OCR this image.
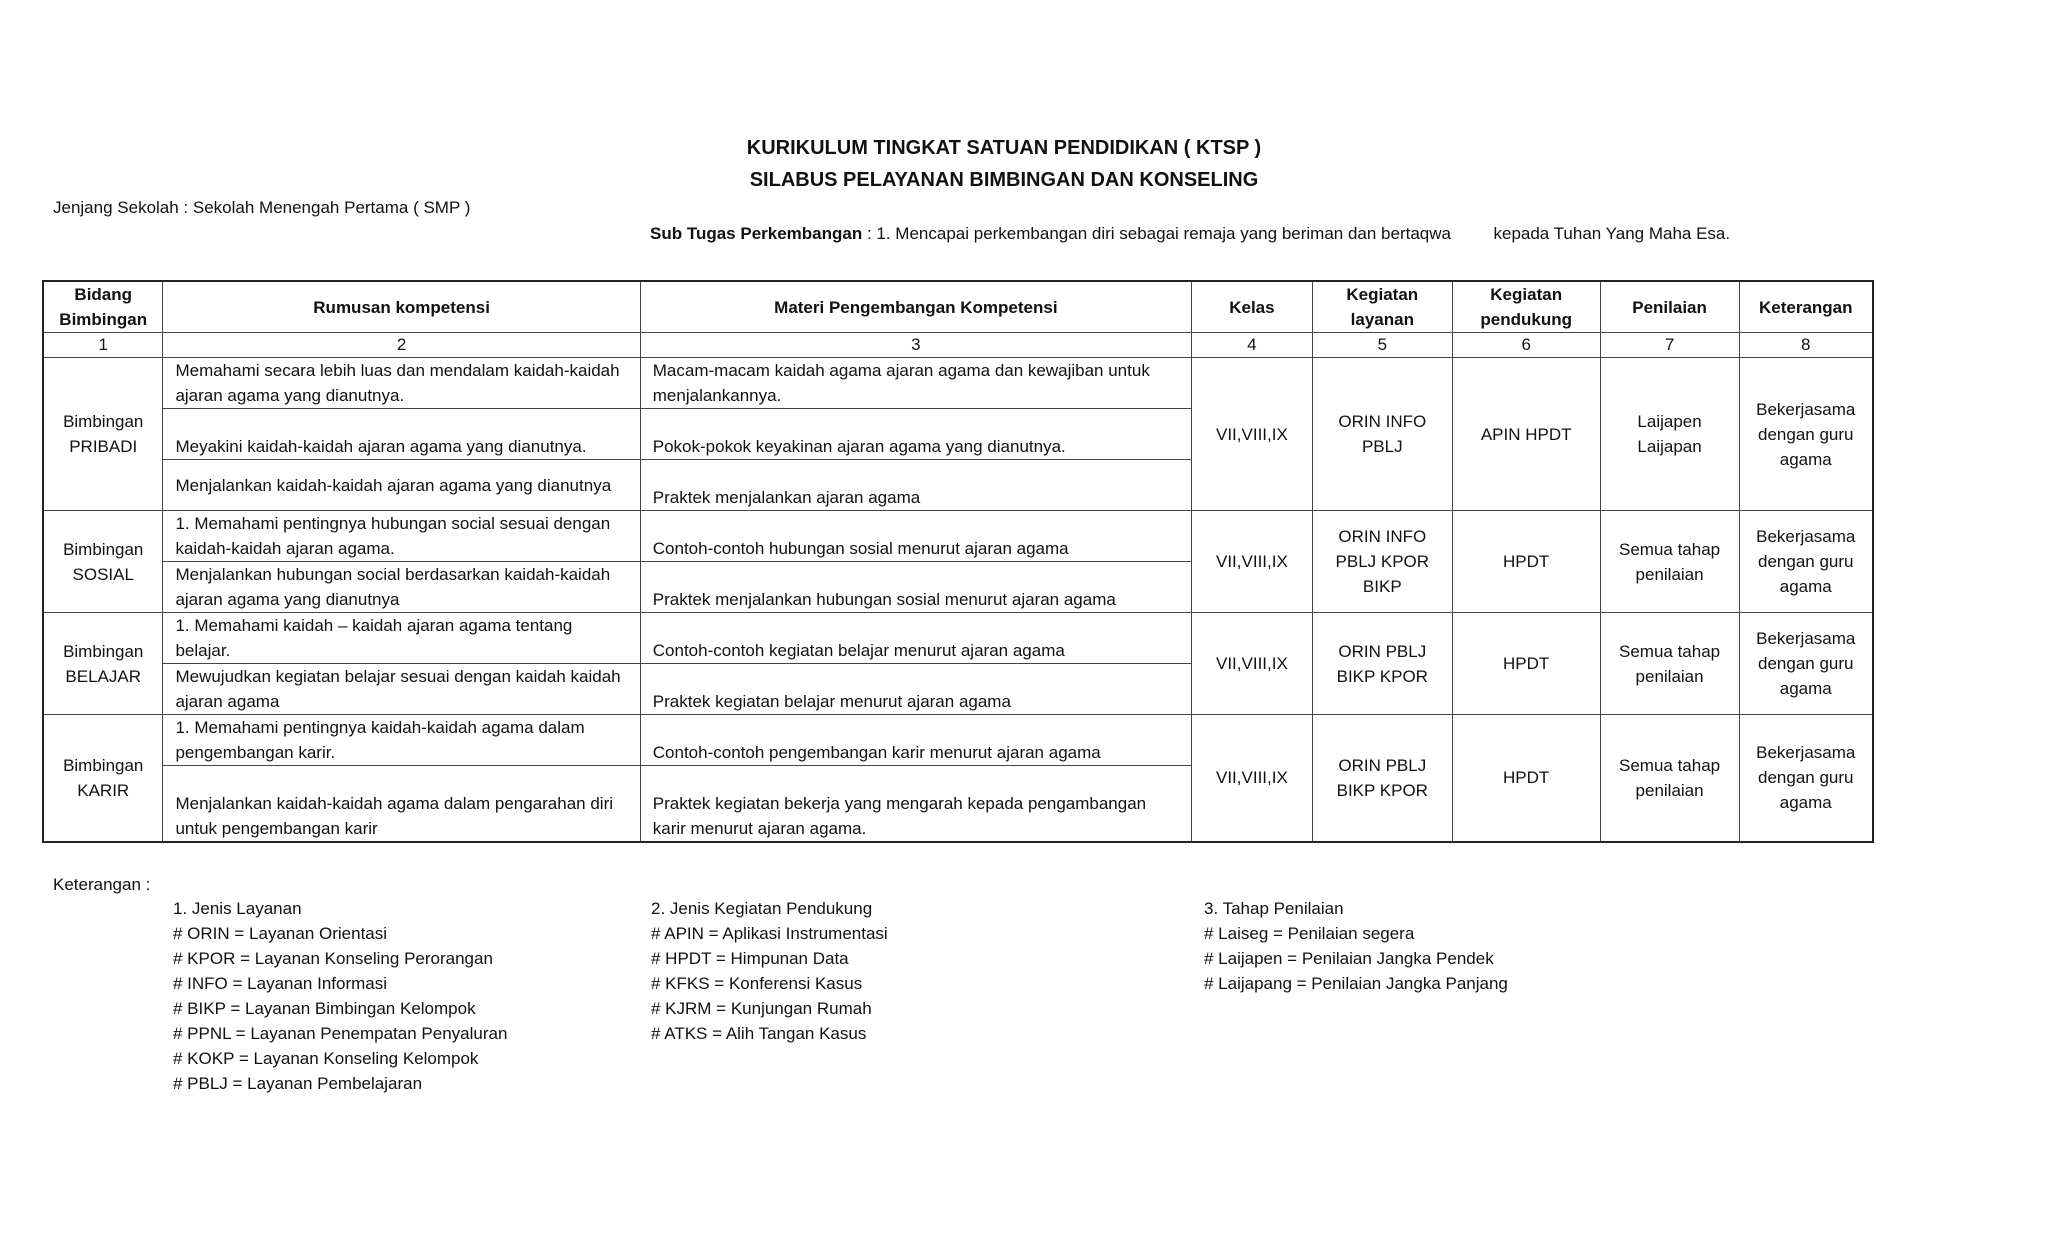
KURIKULUM TINGKAT SATUAN PENDIDIKAN ( KTSP )
SILABUS PELAYANAN BIMBINGAN DAN KONSELING
Jenjang Sekolah : Sekolah Menengah Pertama ( SMP )
Sub Tugas Perkembangan : 1. Mencapai perkembangan diri sebagai remaja yang beriman dan bertaqwa         kepada Tuhan Yang Maha Esa.
Bidang Bimbingan	Rumusan kompetensi	Materi Pengembangan Kompetensi	Kelas	Kegiatan layanan	Kegiatan pendukung	Penilaian	Keterangan
1	2	3	4	5	6	7	8
Bimbingan PRIBADI	Memahami secara lebih luas dan mendalam kaidah-kaidah ajaran agama yang dianutnya.	Macam-macam kaidah agama ajaran agama dan kewajiban untuk menjalankannya.	VII,VIII,IX	ORIN INFO PBLJ	APIN HPDT	Laijapen Laijapan	Bekerjasama dengan guru agama
	Meyakini kaidah-kaidah ajaran agama yang dianutnya.	Pokok-pokok keyakinan ajaran agama yang dianutnya.					
	Menjalankan kaidah-kaidah ajaran agama yang dianutnya	Praktek menjalankan ajaran agama					
Bimbingan SOSIAL	1. Memahami pentingnya hubungan social sesuai dengan kaidah-kaidah ajaran agama.	Contoh-contoh hubungan sosial menurut ajaran agama	VII,VIII,IX	ORIN INFO PBLJ KPOR BIKP	HPDT	Semua tahap penilaian	Bekerjasama dengan guru agama
	Menjalankan hubungan social berdasarkan kaidah-kaidah ajaran agama yang dianutnya	Praktek menjalankan hubungan sosial menurut ajaran agama					
Bimbingan BELAJAR	1. Memahami kaidah – kaidah ajaran agama tentang belajar.	Contoh-contoh kegiatan belajar menurut ajaran agama	VII,VIII,IX	ORIN PBLJ BIKP KPOR	HPDT	Semua tahap penilaian	Bekerjasama dengan guru agama
	Mewujudkan kegiatan belajar sesuai dengan kaidah kaidah ajaran agama	Praktek kegiatan belajar menurut ajaran agama					
Bimbingan KARIR	1. Memahami pentingnya kaidah-kaidah agama dalam pengembangan karir.	Contoh-contoh pengembangan karir menurut ajaran agama	VII,VIII,IX	ORIN PBLJ BIKP KPOR	HPDT	Semua tahap penilaian	Bekerjasama dengan guru agama
	Menjalankan kaidah-kaidah agama dalam pengarahan diri untuk pengembangan karir	Praktek kegiatan bekerja yang mengarah kepada pengambangan karir menurut ajaran agama.					
Keterangan :
1. Jenis Layanan
# ORIN = Layanan Orientasi
# KPOR = Layanan Konseling Perorangan
# INFO = Layanan Informasi
# BIKP = Layanan Bimbingan Kelompok
# PPNL = Layanan Penempatan Penyaluran
# KOKP = Layanan Konseling Kelompok
# PBLJ = Layanan Pembelajaran
2. Jenis Kegiatan Pendukung
# APIN = Aplikasi Instrumentasi
# HPDT = Himpunan Data
# KFKS = Konferensi Kasus
# KJRM = Kunjungan Rumah
# ATKS = Alih Tangan Kasus
3. Tahap Penilaian
# Laiseg = Penilaian segera
# Laijapen = Penilaian Jangka Pendek
# Laijapang = Penilaian Jangka Panjang
